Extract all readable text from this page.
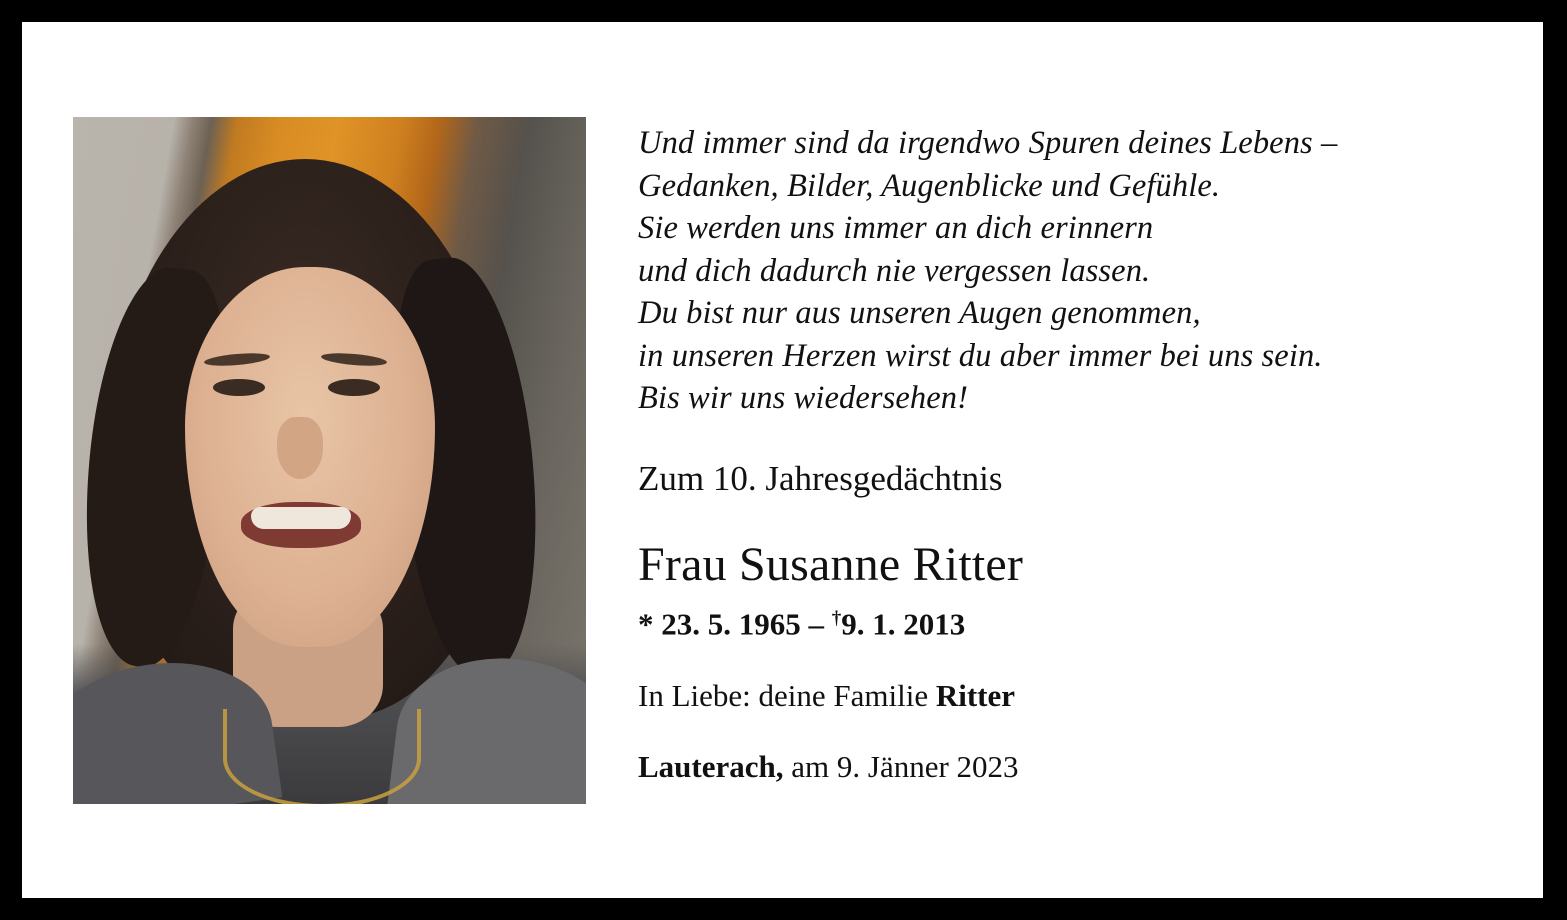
Und immer sind da irgendwo Spuren deines Lebens –
Gedanken, Bilder, Augenblicke und Gefühle.
Sie werden uns immer an dich erinnern
und dich dadurch nie vergessen lassen.
Du bist nur aus unseren Augen genommen,
in unseren Herzen wirst du aber immer bei uns sein.
Bis wir uns wiedersehen!
Zum 10. Jahresgedächtnis
Frau Susanne Ritter
* 23. 5. 1965 – †9. 1. 2013
In Liebe: deine Familie Ritter
Lauterach, am 9. Jänner 2023
